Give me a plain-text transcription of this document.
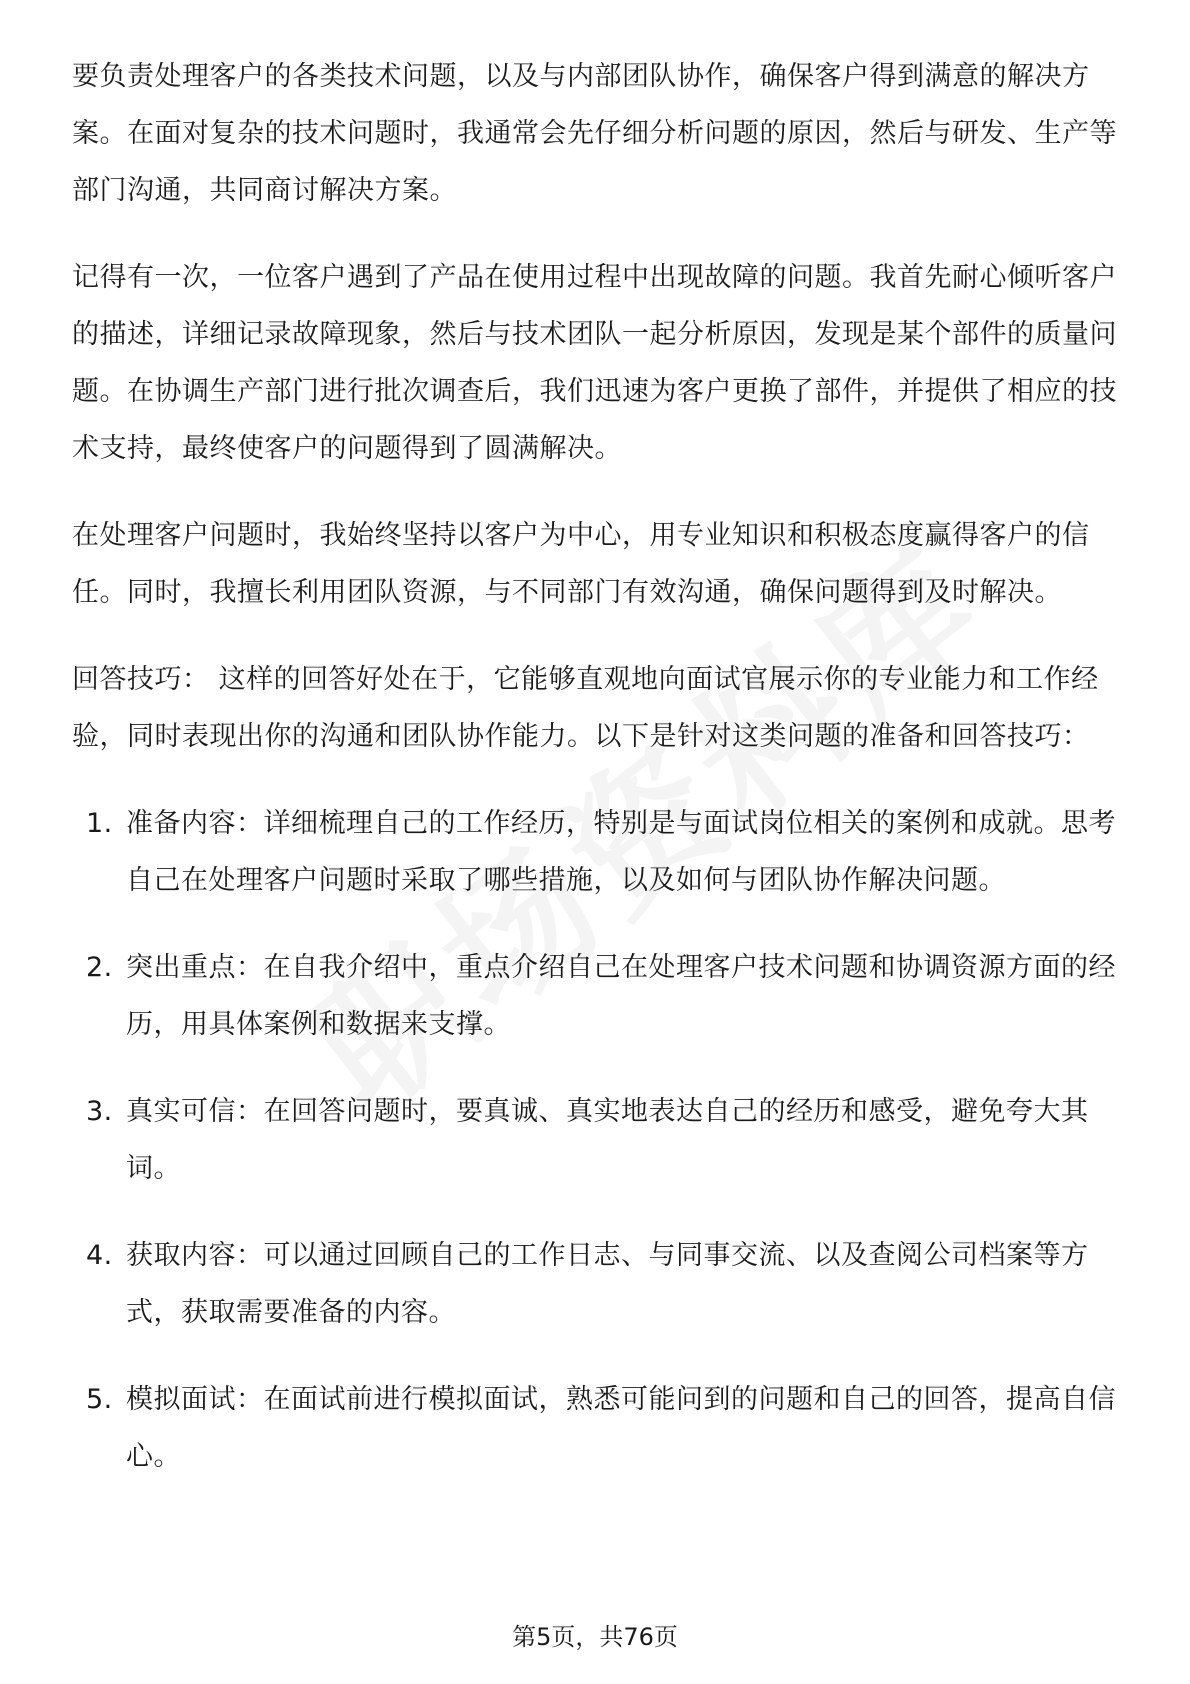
要负责处理客户的各类技术问题，以及与内部团队协作，确保客户得到满意的解决方案。在面对复杂的技术问题时，我通常会先仔细分析问题的原因，然后与研发、生产等部门沟通，共同商讨解决方案。

记得有一次，一位客户遇到了产品在使用过程中出现故障的问题。我首先耐心倾听客户的描述，详细记录故障现象，然后与技术团队一起分析原因，发现是某个部件的质量问题。在协调生产部门进行批次调查后，我们迅速为客户更换了部件，并提供了相应的技术支持，最终使客户的问题得到了圆满解决。

在处理客户问题时，我始终坚持以客户为中心，用专业知识和积极态度赢得客户的信任。同时，我擅长利用团队资源，与不同部门有效沟通，确保问题得到及时解决。

回答技巧： 这样的回答好处在于，它能够直观地向面试官展示你的专业能力和工作经验，同时表现出你的沟通和团队协作能力。以下是针对这类问题的准备和回答技巧：

1. 准备内容：详细梳理自己的工作经历，特别是与面试岗位相关的案例和成就。思考自己在处理客户问题时采取了哪些措施，以及如何与团队协作解决问题。
2. 突出重点：在自我介绍中，重点介绍自己在处理客户技术问题和协调资源方面的经历，用具体案例和数据来支撑。
3. 真实可信：在回答问题时，要真诚、真实地表达自己的经历和感受，避免夸大其词。
4. 获取内容：可以通过回顾自己的工作日志、与同事交流、以及查阅公司档案等方式，获取需要准备的内容。
5. 模拟面试：在面试前进行模拟面试，熟悉可能问到的问题和自己的回答，提高自信心。
第5页，共76页
